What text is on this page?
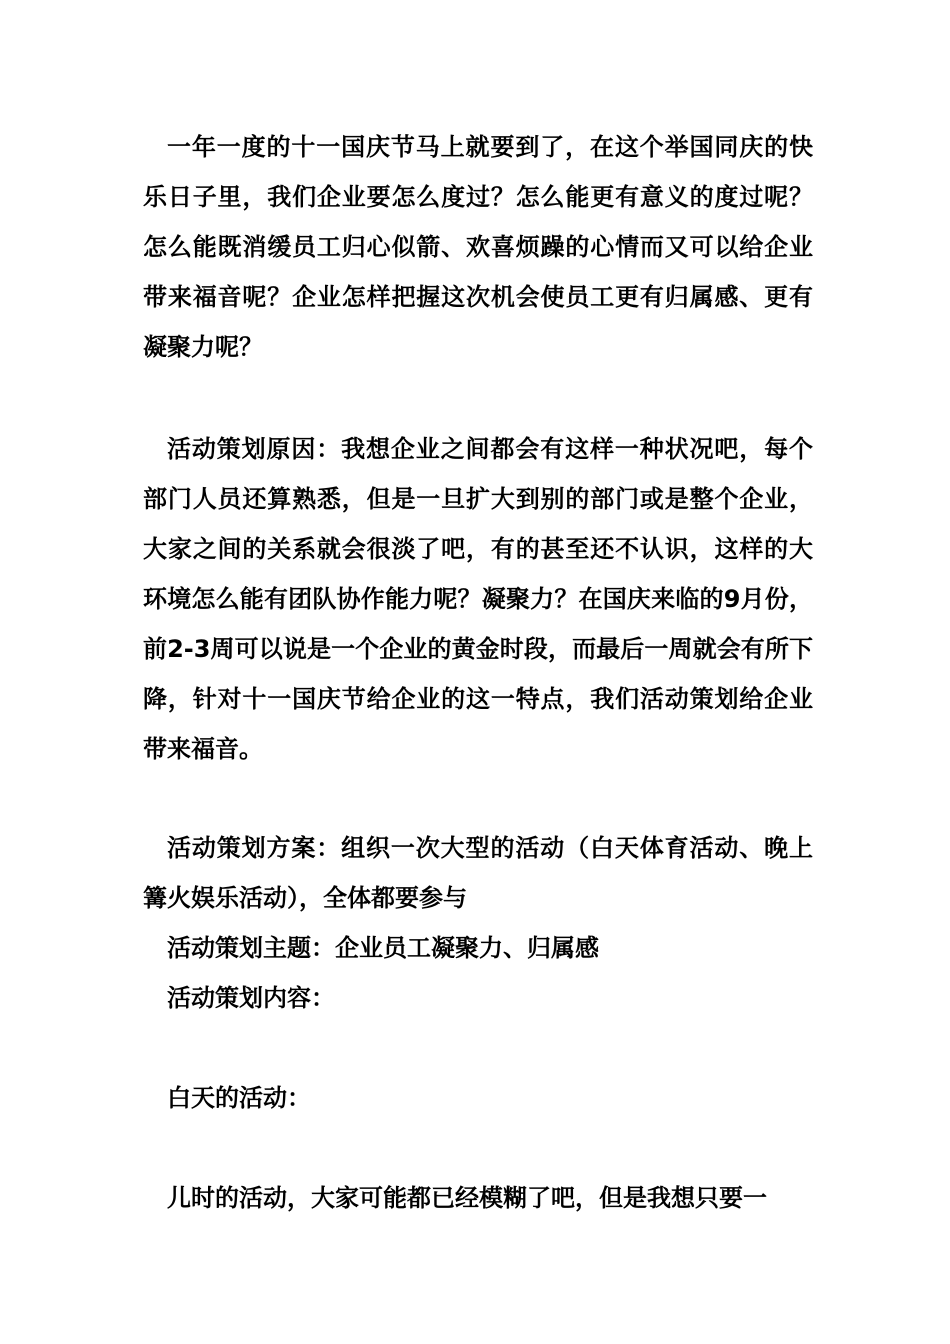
一年一度的十一国庆节马上就要到了，在这个举国同庆的快乐日子里，我们企业要怎么度过？怎么能更有意义的度过呢？怎么能既消缓员工归心似箭、欢喜烦躁的心情而又可以给企业带来福音呢？企业怎样把握这次机会使员工更有归属感、更有凝聚力呢？

活动策划原因：我想企业之间都会有这样一种状况吧，每个部门人员还算熟悉，但是一旦扩大到别的部门或是整个企业，大家之间的关系就会很淡了吧，有的甚至还不认识，这样的大环境怎么能有团队协作能力呢？凝聚力？在国庆来临的9月份，前2-3周可以说是一个企业的黄金时段，而最后一周就会有所下降，针对十一国庆节给企业的这一特点，我们活动策划给企业带来福音。

活动策划方案：组织一次大型的活动（白天体育活动、晚上篝火娱乐活动），全体都要参与

活动策划主题：企业员工凝聚力、归属感

活动策划内容：

白天的活动：

儿时的活动，大家可能都已经模糊了吧，但是我想只要一
